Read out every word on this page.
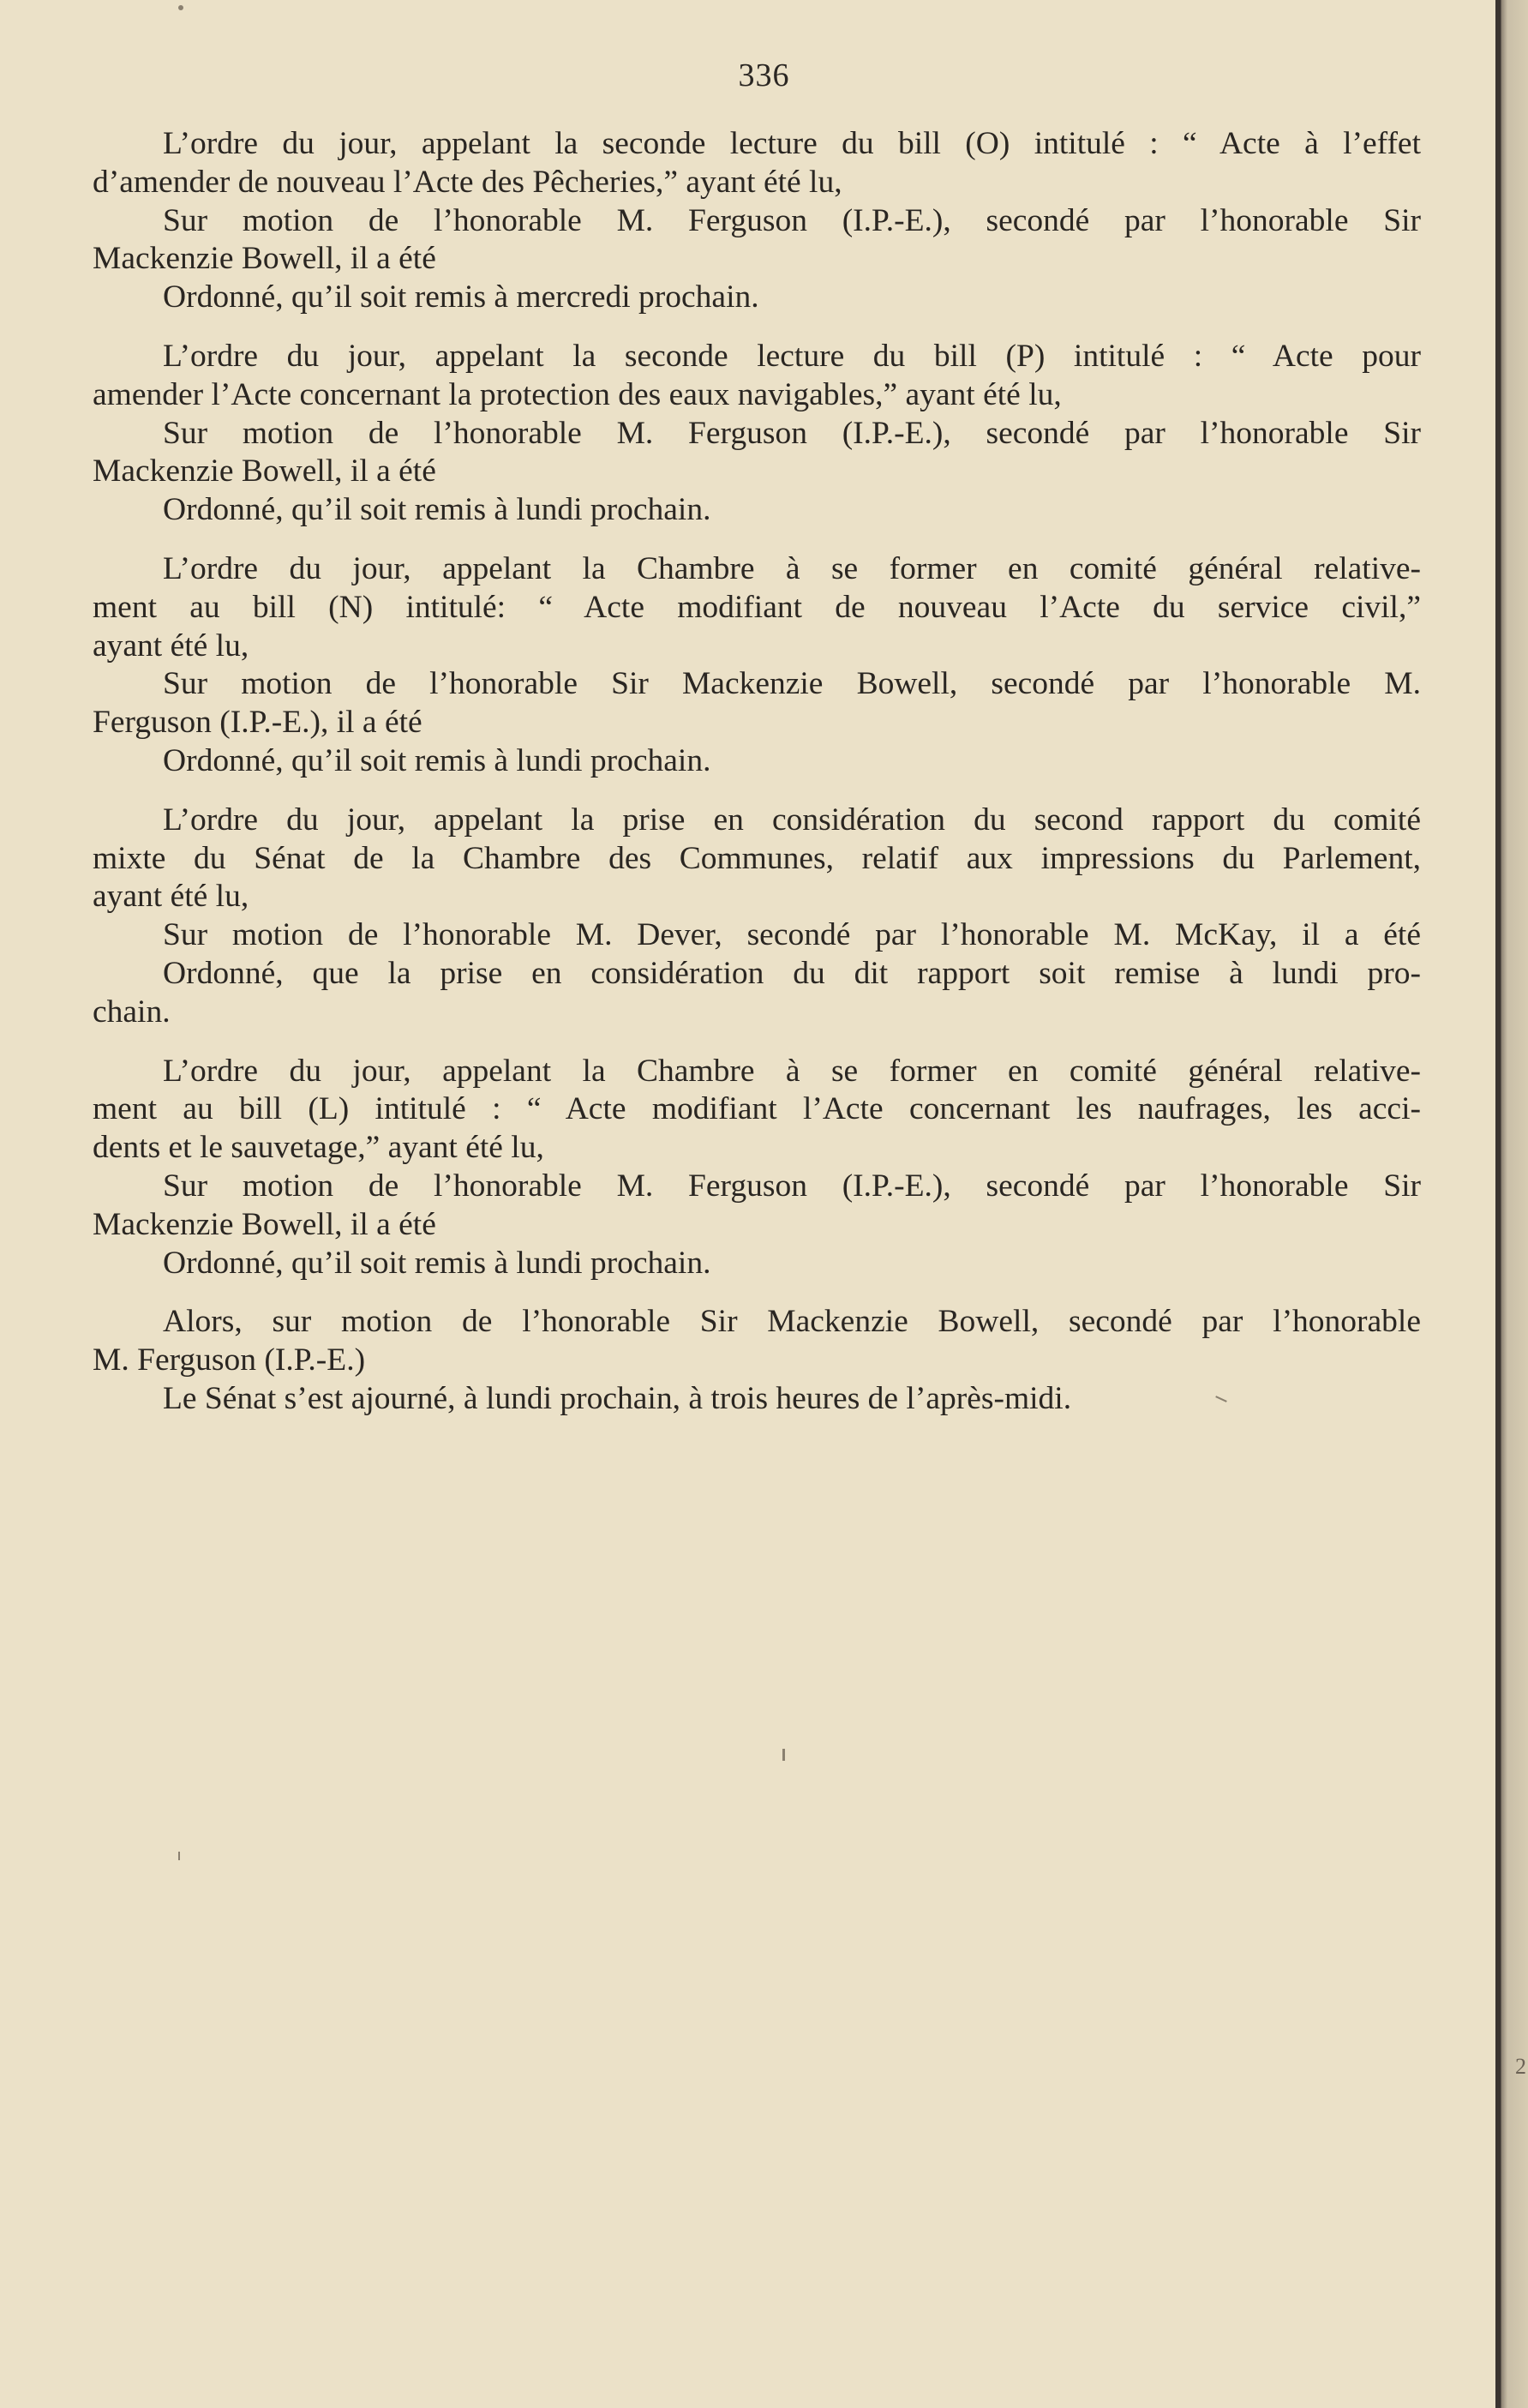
2
336
L’ordre du jour, appelant la seconde lecture du bill (O) intitulé : “ Acte à l’effet
d’amender de nouveau l’Acte des Pêcheries,” ayant été lu,
Sur motion de l’honorable M. Ferguson (I.P.-E.), secondé par l’honorable Sir
Mackenzie Bowell, il a été
Ordonné, qu’il soit remis à mercredi prochain.
L’ordre du jour, appelant la seconde lecture du bill (P) intitulé : “ Acte pour
amender l’Acte concernant la protection des eaux navigables,” ayant été lu,
Sur motion de l’honorable M. Ferguson (I.P.-E.), secondé par l’honorable Sir
Mackenzie Bowell, il a été
Ordonné, qu’il soit remis à lundi prochain.
L’ordre du jour, appelant la Chambre à se former en comité général relative-
ment au bill (N) intitulé: “ Acte modifiant de nouveau l’Acte du service civil,”
ayant été lu,
Sur motion de l’honorable Sir Mackenzie Bowell, secondé par l’honorable M.
Ferguson (I.P.-E.), il a été
Ordonné, qu’il soit remis à lundi prochain.
L’ordre du jour, appelant la prise en considération du second rapport du comité
mixte du Sénat de la Chambre des Communes, relatif aux impressions du Parlement,
ayant été lu,
Sur motion de l’honorable M. Dever, secondé par l’honorable M. McKay, il a été
Ordonné, que la prise en considération du dit rapport soit remise à lundi pro-
chain.
L’ordre du jour, appelant la Chambre à se former en comité général relative-
ment au bill (L) intitulé : “ Acte modifiant l’Acte concernant les naufrages, les acci-
dents et le sauvetage,” ayant été lu,
Sur motion de l’honorable M. Ferguson (I.P.-E.), secondé par l’honorable Sir
Mackenzie Bowell, il a été
Ordonné, qu’il soit remis à lundi prochain.
Alors, sur motion de l’honorable Sir Mackenzie Bowell, secondé par l’honorable
M. Ferguson (I.P.-E.)
Le Sénat s’est ajourné, à lundi prochain, à trois heures de l’après-midi.
